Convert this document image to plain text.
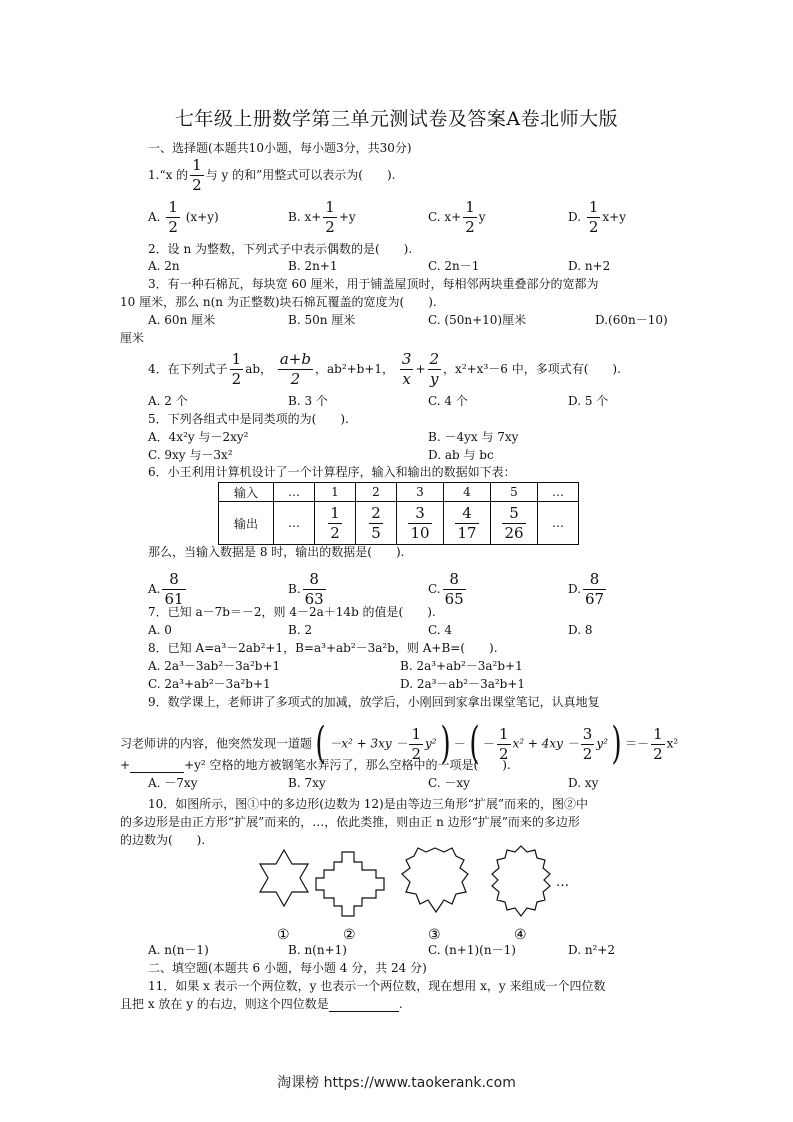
七年级上册数学第三单元测试卷及答案A卷北师大版
一、选择题(本题共10小题，每小题3分，共30分)
1.“x 的 $\frac{1}{2}$ 与 y 的和”用整式可以表示为(　　).
A. $\frac{1}{2} (x+y)$	B. $x+ \frac{1}{2} +y$	C. $x+ \frac{1}{2}$ y	D. $\frac{1}{2} x+y$
2．设 n 为整数，下列式子中表示偶数的是(　　).
A. 2n	B. 2n+1	C. 2n－1	D. n+2
3．有一种石棉瓦，每块宽 60 厘米，用于铺盖屋顶时，每相邻两块重叠部分的宽都为
10 厘米，那么 n(n 为正整数)块石棉瓦覆盖的宽度为(　　).
A. 60n 厘米	B. 50n 厘米	C. (50n+10)厘米	D.(60n－10)
厘米
4．在下列式子 $\frac{1}{2}$ ab， $\frac{a+b}{2}$ ，ab²+b+1， $\frac{3}{x} + \frac{2}{y}$ ，x²+x³－6 中，多项式有(　　).
A. 2 个	B. 3 个	C. 4 个	D. 5 个
5．下列各组式中是同类项的为(　　).
A．4x²y 与－2xy²	B. －4yx 与 7xy
C. 9xy 与－3x²	D. ab 与 bc
6．小王利用计算机设计了一个计算程序，输入和输出的数据如下表：
输入	…	1	2	3	4	5	…
输出	…	$\frac{1}{2}$	$\frac{2}{5}$	$\frac{3}{10}$	$\frac{4}{17}$	$\frac{5}{26}$	…
那么，当输入数据是 8 时，输出的数据是(　　).
A. $\frac{8}{61}$	B. $\frac{8}{63}$	C. $\frac{8}{65}$	D. $\frac{8}{67}$
7．已知 a－7b＝－2，则 4－2a＋14b 的值是(　　).
A. 0	B. 2	C. 4	D. 8
8．已知 A=a³－2ab²+1，B=a³+ab²－3a²b，则 A+B=(　　).
A. 2a³－3ab²－3a²b+1	B. 2a³+ab²－3a²b+1
C. 2a³+ab²－3a²b+1	D. 2a³－ab²－3a²b+1
9．数学课上，老师讲了多项式的加减，放学后，小刚回到家拿出课堂笔记，认真地复
习老师讲的内容，他突然发现一道题( $-x^2 + 3xy - \frac{1}{2} y^2$) －( － $\frac{1}{2} x^2 + 4xy - \frac{3}{2} y^2) =- \frac{1}{2} x^2$
+	+y² 空格的地方被钢笔水弄污了，那么空格中的一项是(　　).
A. －7xy	B. 7xy	C. －xy	D. xy
10．如图所示，图①中的多边形(边数为 12)是由等边三角形“扩展”而来的，图②中
的多边形是由正方形“扩展”而来的，…，依此类推，则由正 n 边形“扩展”而来的多边形
的边数为(　　).
…
①	②	③	④
A. n(n－1)	B. n(n+1)	C. (n+1)(n－1)	D. n²+2
二、填空题(本题共 6 小题，每小题 4 分，共 24 分)
11．如果 x 表示一个两位数，y 也表示一个两位数，现在想用 x，y 来组成一个四位数
且把 x 放在 y 的右边，则这个四位数是	.
淘课榜 https://www.taokerank.com
